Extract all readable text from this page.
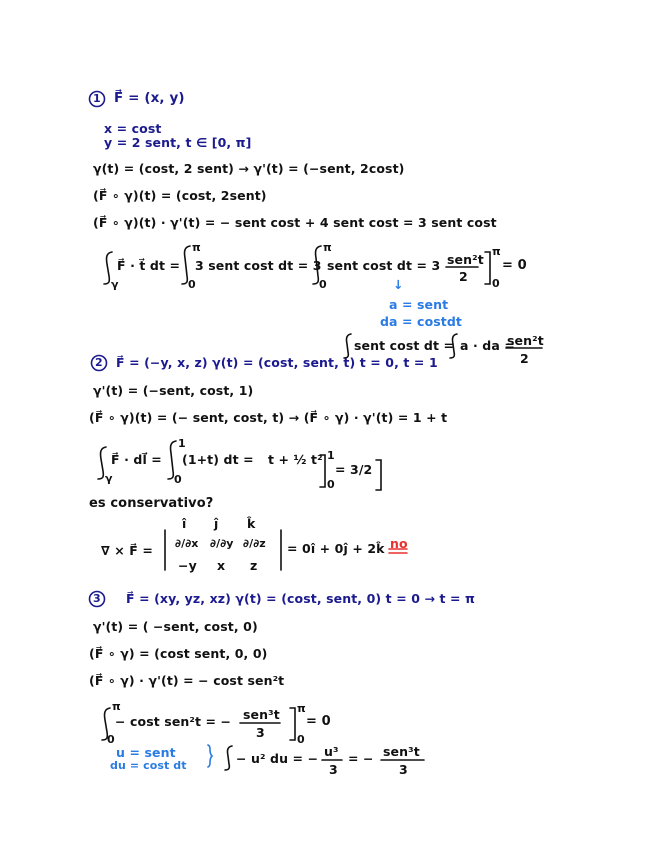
1 F⃗ = (x, y)
x = cost
y = 2 sent, t ∈ [0, π]
γ(t) = (cost, 2 sent) → γ'(t) = (−sent, 2cost)
(F⃗ ∘ γ)(t) = (cost, 2sent)
(F⃗ ∘ γ)(t) · γ'(t) = − sent cost + 4 sent cost = 3 sent cost
γ
F⃗ · t⃗ dt =
π
0
3 sent cost dt = 3
π
0
sent cost dt = 3 sen²t
2
π
0
= 0
↓
a = sent
da = costdt
sent cost dt = a · da =
sen²t
2
2 F⃗ = (−y, x, z) γ(t) = (cost, sent, t) t = 0, t = 1
γ'(t) = (−sent, cost, 1)
(F⃗ ∘ γ)(t) = (− sent, cost, t) → (F⃗ ∘ γ) · γ'(t) = 1 + t
γ
F⃗ · dl⃗ =
1
0
(1+t) dt = t + ½ t² 1
0
= 3/2
es conservativo?
∇ × F⃗ =
î ĵ k̂
∂/∂x ∂/∂y ∂/∂z
−y x z
= 0î + 0ĵ + 2k̂ no
3 F⃗ = (xy, yz, xz) γ(t) = (cost, sent, 0) t = 0 → t = π
γ'(t) = ( −sent, cost, 0)
(F⃗ ∘ γ) = (cost sent, 0, 0)
(F⃗ ∘ γ) · γ'(t) = − cost sen²t
π
0
− cost sen²t = − sen³t
3
π
0
= 0
u = sent
du = cost dt	− u² du = − u³
3
= − sen³t
3
